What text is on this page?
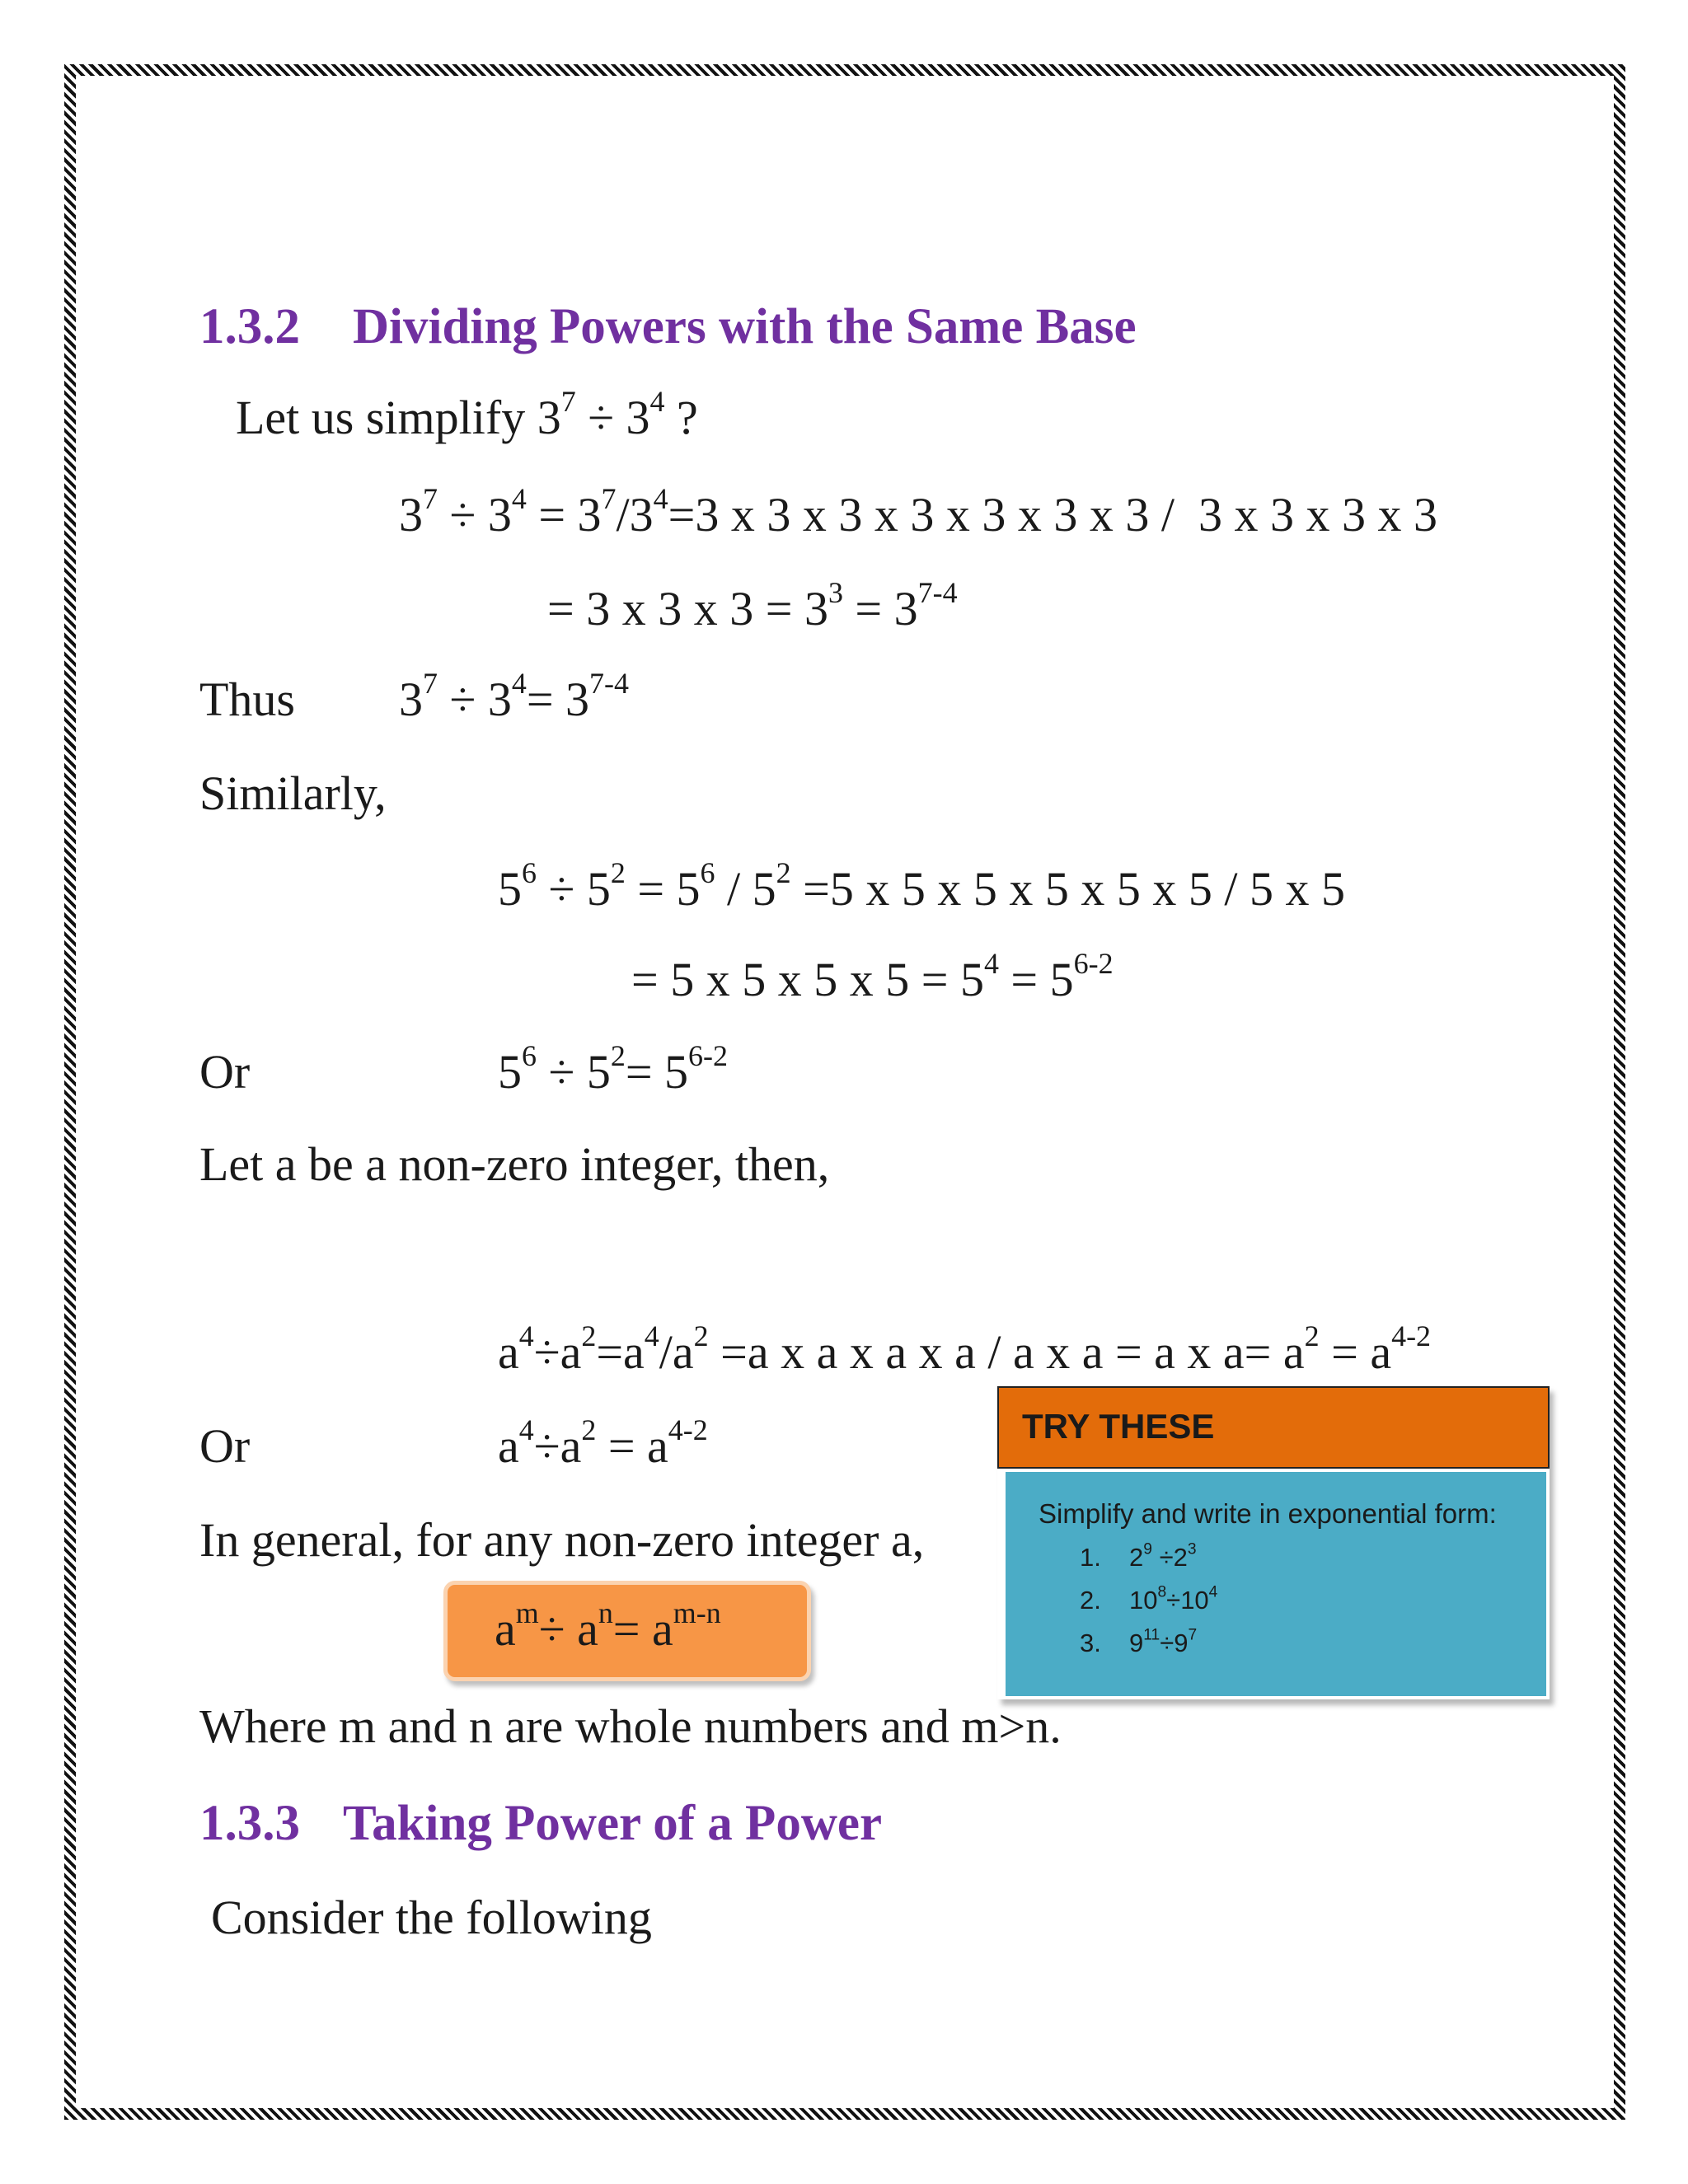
1.3.2 Dividing Powers with the Same Base
Let us simplify $3^7 \div 3^4$ ?
$3^7 \div 3^4 = 3^7/3^4=3$ x 3 x 3 x 3 x 3 x 3 x 3 / 3 x 3 x 3 x 3
= 3 x 3 x $3 = 3^3 = 3^{7-4}$
Thus $3^7 \div 3^4= 3^{7-4}$
Similarly,
$5^6 \div 5^2 = 5^6 / 5^2 =5$ x 5 x 5 x 5 x 5 x 5 / 5 x 5
= 5 x 5 x 5 x $5 = 5^4 = 5^{6-2}$
Or	$5^6 \div 5^2= 5^{6-2}$
Let a be a non-zero integer, then,
$a^4\div a^2=a^4/a^2 =a$ x a x a x a / a x a = a x $a= a^2 = a^{4-2}$
Or	$a^4\div a^2 = a^{4-2}$
In general, for any non-zero integer a,
$a^m\div a^n= a^{m-n}$
Where m and n are whole numbers and m>n.
1.3.3 Taking Power of a Power
Consider the following
TRY THESE
Simplify and write in exponential form:
1. $2^9 \div 2^3$
2. $10^8\div 10^4$
3. $9^{11}\div 9^7$
